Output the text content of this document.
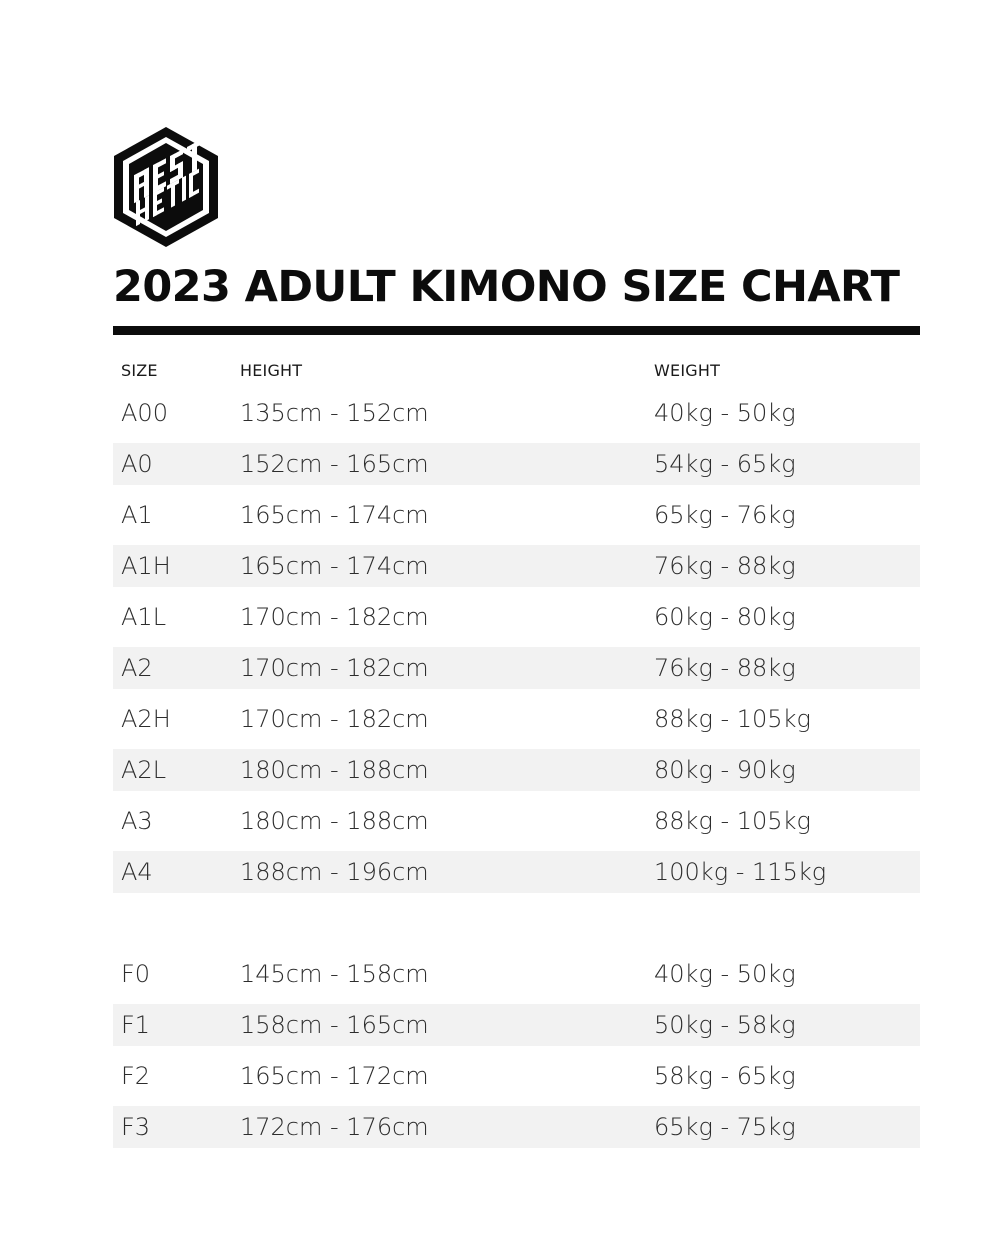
2023 ADULT KIMONO SIZE CHART
SIZE	HEIGHT	WEIGHT
A00	135cm - 152cm	40kg - 50kg
A0	152cm - 165cm	54kg - 65kg
A1	165cm - 174cm	65kg - 76kg
A1H	165cm - 174cm	76kg - 88kg
A1L	170cm - 182cm	60kg - 80kg
A2	170cm - 182cm	76kg - 88kg
A2H	170cm - 182cm	88kg - 105kg
A2L	180cm - 188cm	80kg - 90kg
A3	180cm - 188cm	88kg - 105kg
A4	188cm - 196cm	100kg - 115kg
F0	145cm - 158cm	40kg - 50kg
F1	158cm - 165cm	50kg - 58kg
F2	165cm - 172cm	58kg - 65kg
F3	172cm - 176cm	65kg - 75kg
